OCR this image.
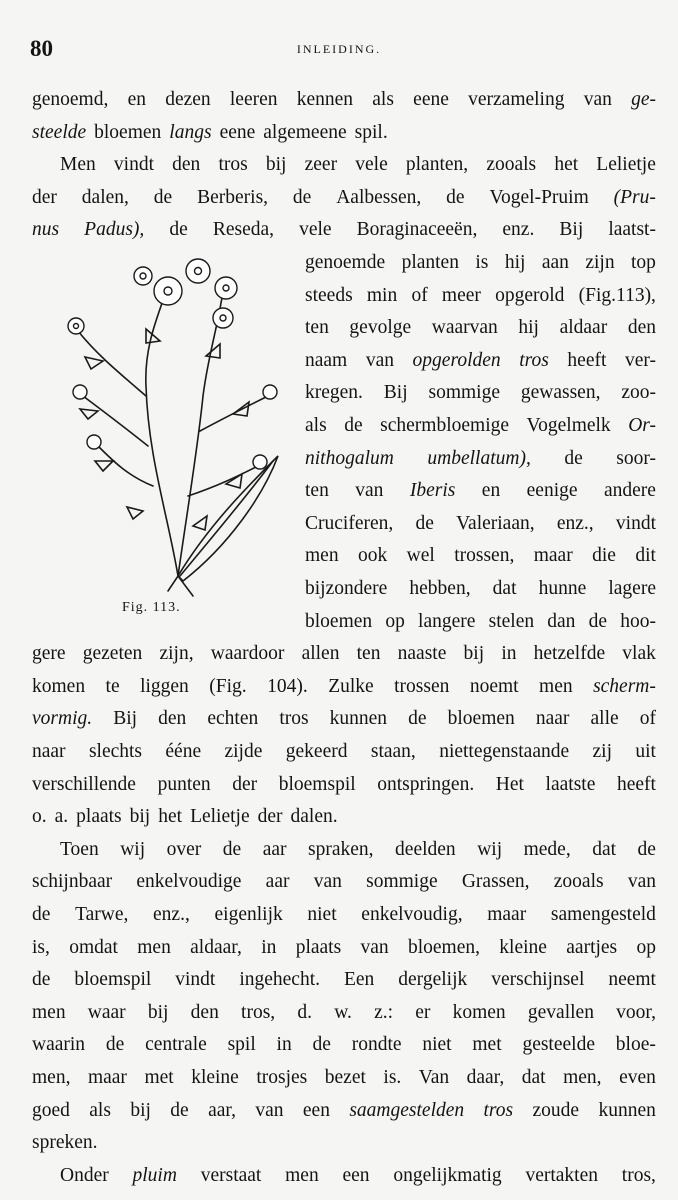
80	INLEIDING.
genoemd, en dezen leeren kennen als eene verzameling van ge-
steelde bloemen langs eene algemeene spil.
Men vindt den tros bij zeer vele planten, zooals het Lelietje
der dalen, de Berberis, de Aalbessen, de Vogel-Pruim (Pru-
nus Padus), de Reseda, vele Boraginaceeën, enz. Bij laatst-
genoemde planten is hij aan zijn top
steeds min of meer opgerold (Fig.113),
ten gevolge waarvan hij aldaar den
naam van opgerolden tros heeft ver-
kregen. Bij sommige gewassen, zoo-
als de schermbloemige Vogelmelk Or-
nithogalum umbellatum), de soor-
ten van Iberis en eenige andere
Cruciferen, de Valeriaan, enz., vindt
men ook wel trossen, maar die dit
bijzondere hebben, dat hunne lagere
bloemen op langere stelen dan de hoo-
gere gezeten zijn, waardoor allen ten naaste bij in hetzelfde vlak
komen te liggen (Fig. 104). Zulke trossen noemt men scherm-
vormig. Bij den echten tros kunnen de bloemen naar alle of
naar slechts ééne zijde gekeerd staan, niettegenstaande zij uit
verschillende punten der bloemspil ontspringen. Het laatste heeft
o. a. plaats bij het Lelietje der dalen.
Toen wij over de aar spraken, deelden wij mede, dat de
schijnbaar enkelvoudige aar van sommige Grassen, zooals van
de Tarwe, enz., eigenlijk niet enkelvoudig, maar samengesteld
is, omdat men aldaar, in plaats van bloemen, kleine aartjes op
de bloemspil vindt ingehecht. Een dergelijk verschijnsel neemt
men waar bij den tros, d. w. z.: er komen gevallen voor,
waarin de centrale spil in de rondte niet met gesteelde bloe-
men, maar met kleine trosjes bezet is. Van daar, dat men, even
goed als bij de aar, van een saamgestelden tros zoude kunnen
spreken.
Onder pluim verstaat men een ongelijkmatig vertakten tros,
Fig. 113.
